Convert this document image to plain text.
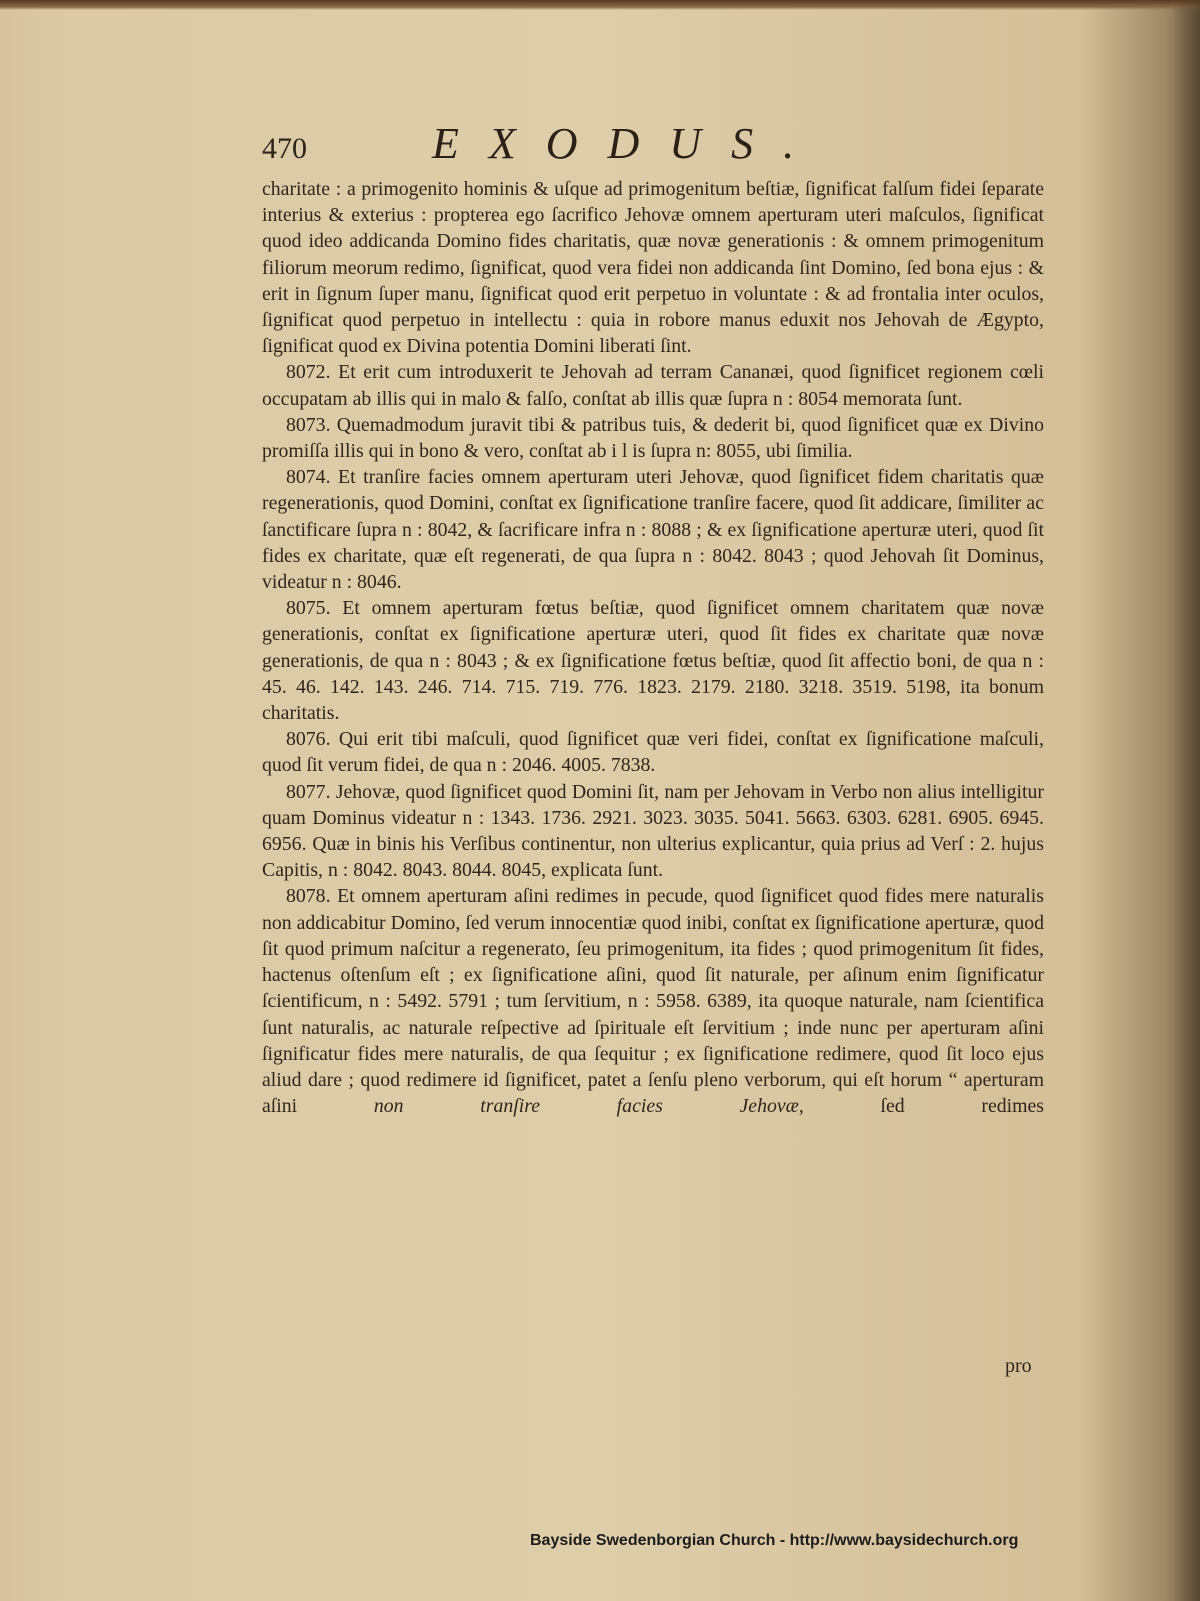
470	EXODUS.

charitate : a primogenito hominis & uſque ad primogenitum beſtiæ, ſignificat falſum fidei ſeparate interius & exterius : propterea ego ſacrifico Jehovæ omnem aperturam uteri maſculos, ſignificat quod ideo addicanda Domino fides charitatis, quæ novæ generationis : & omnem primogenitum filiorum meorum redimo, ſignificat, quod vera fidei non addicanda ſint Domino, ſed bona ejus : & erit in ſignum ſuper manu, ſignificat quod erit perpetuo in voluntate : & ad frontalia inter oculos, ſignificat quod perpetuo in intellectu : quia in robore manus eduxit nos Jehovah de Ægypto, ſignificat quod ex Divina potentia Domini liberati ſint.

8072. Et erit cum introduxerit te Jehovah ad terram Cananæi, quod ſignificet regionem cœli occupatam ab illis qui in malo & falſo, conſtat ab illis quæ ſupra n : 8054 memorata ſunt.

8073. Quemadmodum juravit tibi & patribus tuis, & dederit bi, quod ſignificet quæ ex Divino promiſſa illis qui in bono & vero, conſtat ab i l is ſupra n: 8055, ubi ſimilia.

8074. Et tranſire facies omnem aperturam uteri Jehovæ, quod ſignificet fidem charitatis quæ regenerationis, quod Domini, conſtat ex ſignificatione tranſire facere, quod ſit addicare, ſimiliter ac ſanctificare ſupra n : 8042, & ſacrificare infra n : 8088 ; & ex ſignificatione aperturæ uteri, quod ſit fides ex charitate, quæ eſt regenerati, de qua ſupra n : 8042. 8043 ; quod Jehovah ſit Dominus, videatur n : 8046.

8075. Et omnem aperturam fœtus beſtiæ, quod ſignificet omnem charitatem quæ novæ generationis, conſtat ex ſignificatione aperturæ uteri, quod ſit fides ex charitate quæ novæ generationis, de qua n : 8043 ; & ex ſignificatione fœtus beſtiæ, quod ſit affectio boni, de qua n : 45. 46. 142. 143. 246. 714. 715. 719. 776. 1823. 2179. 2180. 3218. 3519. 5198, ita bonum charitatis.

8076. Qui erit tibi maſculi, quod ſignificet quæ veri fidei, conſtat ex ſignificatione maſculi, quod ſit verum fidei, de qua n : 2046. 4005. 7838.

8077. Jehovæ, quod ſignificet quod Domini ſit, nam per Jehovam in Verbo non alius intelligitur quam Dominus videatur n : 1343. 1736. 2921. 3023. 3035. 5041. 5663. 6303. 6281. 6905. 6945. 6956. Quæ in binis his Verſibus continentur, non ulterius explicantur, quia prius ad Verſ : 2. hujus Capitis, n : 8042. 8043. 8044. 8045, explicata ſunt.

8078. Et omnem aperturam aſini redimes in pecude, quod ſignificet quod fides mere naturalis non addicabitur Domino, ſed verum innocentiæ quod inibi, conſtat ex ſignificatione aperturæ, quod ſit quod primum naſcitur a regenerato, ſeu primogenitum, ita fides ; quod primogenitum ſit fides, hactenus oſtenſum eſt ; ex ſignificatione aſini, quod ſit naturale, per aſinum enim ſignificatur ſcientificum, n : 5492. 5791 ; tum ſervitium, n : 5958. 6389, ita quoque naturale, nam ſcientifica ſunt naturalis, ac naturale reſpective ad ſpirituale eſt ſervitium ; inde nunc per aperturam aſini ſignificatur fides mere naturalis, de qua ſequitur ; ex ſignificatione redimere, quod ſit loco ejus aliud dare ; quod redimere id ſignificet, patet a ſenſu pleno verborum, qui eſt horum “ aperturam aſini	non tranſire facies Jehovæ,	ſed redimes

pro
Bayside Swedenborgian Church - http://www.baysidechurch.org
